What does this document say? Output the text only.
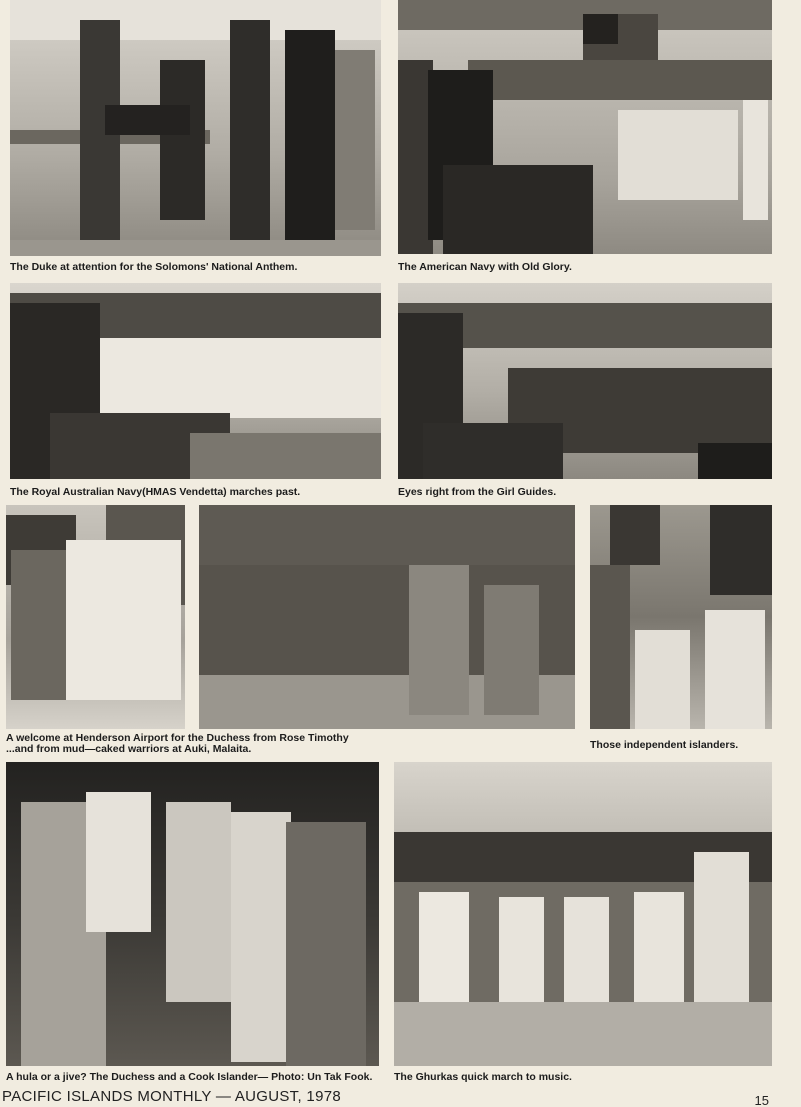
The Duke at attention for the Solomons' National Anthem.	The American Navy with Old Glory.
The Royal Australian Navy(HMAS Vendetta) marches past.	Eyes right from the Girl Guides.
A welcome at Henderson Airport for the Duchess from Rose Timothy
...and from mud—caked warriors at Auki, Malaita.	Those independent islanders.
A hula or a jive? The Duchess and a Cook Islander— Photo: Un Tak Fook. The Ghurkas quick march to music.
PACIFIC ISLANDS MONTHLY — AUGUST, 1978	15
